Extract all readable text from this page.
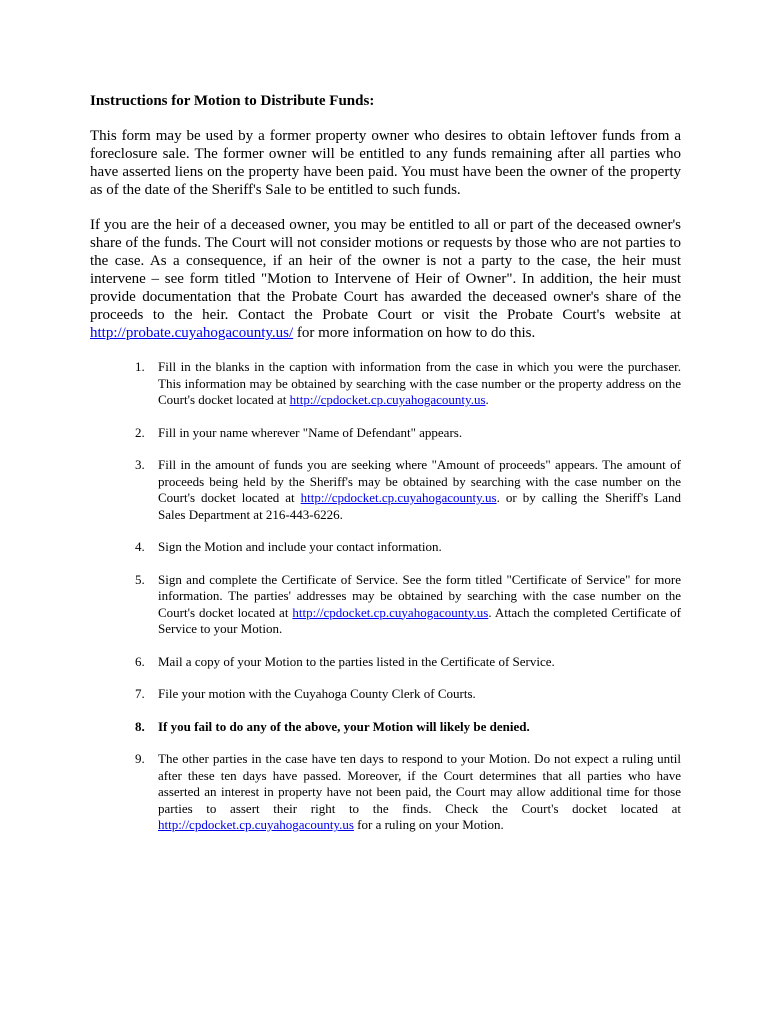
Instructions for Motion to Distribute Funds:

This form may be used by a former property owner who desires to obtain leftover funds from a foreclosure sale. The former owner will be entitled to any funds remaining after all parties who have asserted liens on the property have been paid. You must have been the owner of the property as of the date of the Sheriff's Sale to be entitled to such funds.

If you are the heir of a deceased owner, you may be entitled to all or part of the deceased owner's share of the funds. The Court will not consider motions or requests by those who are not parties to the case. As a consequence, if an heir of the owner is not a party to the case, the heir must intervene – see form titled "Motion to Intervene of Heir of Owner". In addition, the heir must provide documentation that the Probate Court has awarded the deceased owner's share of the proceeds to the heir. Contact the Probate Court or visit the Probate Court's website at http://probate.cuyahogacounty.us/ for more information on how to do this.

1. Fill in the blanks in the caption with information from the case in which you were the purchaser. This information may be obtained by searching with the case number or the property address on the Court's docket located at http://cpdocket.cp.cuyahogacounty.us.
2. Fill in your name wherever "Name of Defendant" appears.
3. Fill in the amount of funds you are seeking where "Amount of proceeds" appears. The amount of proceeds being held by the Sheriff's may be obtained by searching with the case number on the Court's docket located at http://cpdocket.cp.cuyahogacounty.us. or by calling the Sheriff's Land Sales Department at 216-443-6226.
4. Sign the Motion and include your contact information.
5. Sign and complete the Certificate of Service. See the form titled "Certificate of Service" for more information. The parties' addresses may be obtained by searching with the case number on the Court's docket located at http://cpdocket.cp.cuyahogacounty.us. Attach the completed Certificate of Service to your Motion.
6. Mail a copy of your Motion to the parties listed in the Certificate of Service.
7. File your motion with the Cuyahoga County Clerk of Courts.
8. If you fail to do any of the above, your Motion will likely be denied.
9. The other parties in the case have ten days to respond to your Motion. Do not expect a ruling until after these ten days have passed. Moreover, if the Court determines that all parties who have asserted an interest in property have not been paid, the Court may allow additional time for those parties to assert their right to the finds. Check the Court's docket located at http://cpdocket.cp.cuyahogacounty.us for a ruling on your Motion.
